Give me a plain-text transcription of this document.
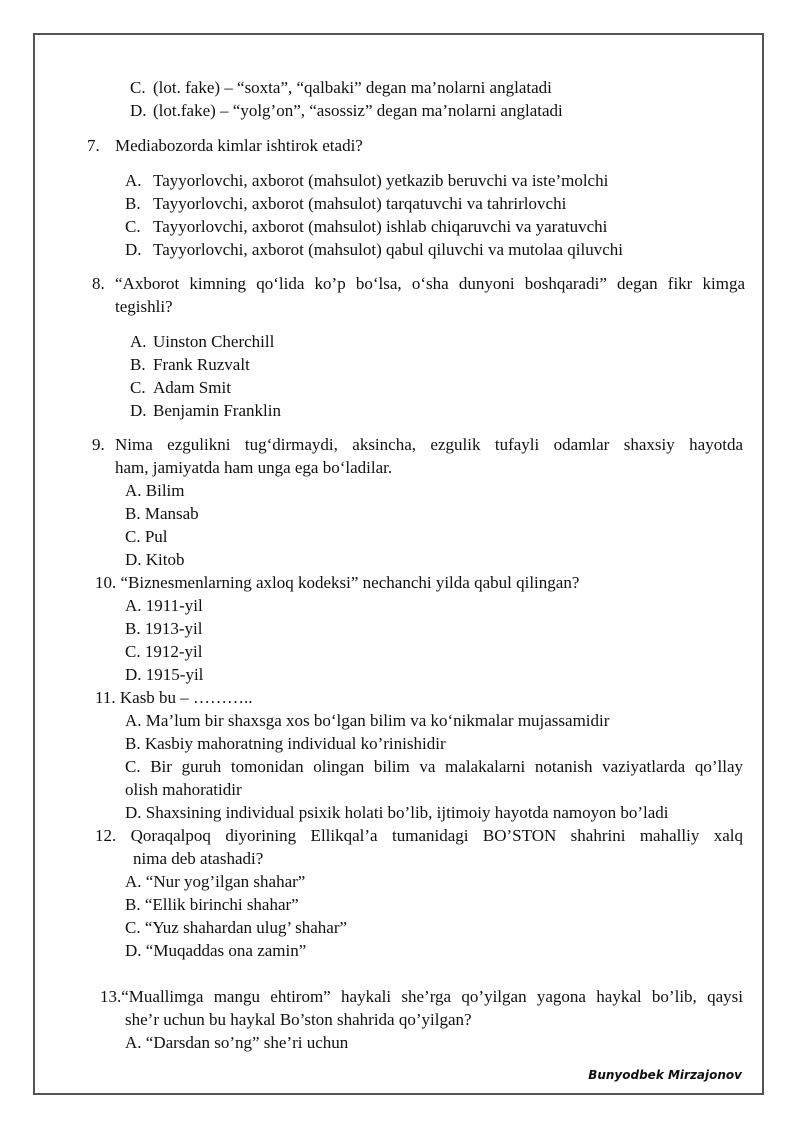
C. (lot. fake) – “soxta”, “qalbaki” degan ma’nolarni anglatadi
D. (lot.fake) – “yolg’on”, “asossiz” degan ma’nolarni anglatadi
7. Mediabozorda kimlar ishtirok etadi?
A. Tayyorlovchi, axborot (mahsulot) yetkazib beruvchi va iste’molchi
B. Tayyorlovchi, axborot (mahsulot) tarqatuvchi va tahrirlovchi
C. Tayyorlovchi, axborot (mahsulot) ishlab chiqaruvchi va yaratuvchi
D. Tayyorlovchi, axborot (mahsulot) qabul qiluvchi va mutolaa qiluvchi
8. “Axborot kimning qo‘lida ko’p bo‘lsa, o‘sha dunyoni boshqaradi” degan fikr kimga
tegishli?
A. Uinston Cherchill
B. Frank Ruzvalt
C. Adam Smit
D. Benjamin Franklin
9. Nima ezgulikni tug‘dirmaydi, aksincha, ezgulik tufayli odamlar shaxsiy hayotda
ham, jamiyatda ham unga ega bo‘ladilar.
A. Bilim
B. Mansab
C. Pul
D. Kitob
10. “Biznesmenlarning axloq kodeksi” nechanchi yilda qabul qilingan?
A. 1911-yil
B. 1913-yil
C. 1912-yil
D. 1915-yil
11. Kasb bu – ………..
A. Ma’lum bir shaxsga xos bo‘lgan bilim va ko‘nikmalar mujassamidir
B. Kasbiy mahoratning individual ko’rinishidir
C. Bir guruh tomonidan olingan bilim va malakalarni notanish vaziyatlarda qo’llay
olish mahoratidir
D. Shaxsining individual psixik holati bo’lib, ijtimoiy hayotda namoyon bo’ladi
12. Qoraqalpoq diyorining Ellikqal’a tumanidagi BO’STON shahrini mahalliy xalq
nima deb atashadi?
A. “Nur yog’ilgan shahar”
B. “Ellik birinchi shahar”
C. “Yuz shahardan ulug’ shahar”
D. “Muqaddas ona zamin”
13.“Muallimga mangu ehtirom” haykali she’rga qo’yilgan yagona haykal bo’lib, qaysi
she’r uchun bu haykal Bo’ston shahrida qo’yilgan?
A. “Darsdan so’ng” she’ri uchun
Bunyodbek Mirzajonov
